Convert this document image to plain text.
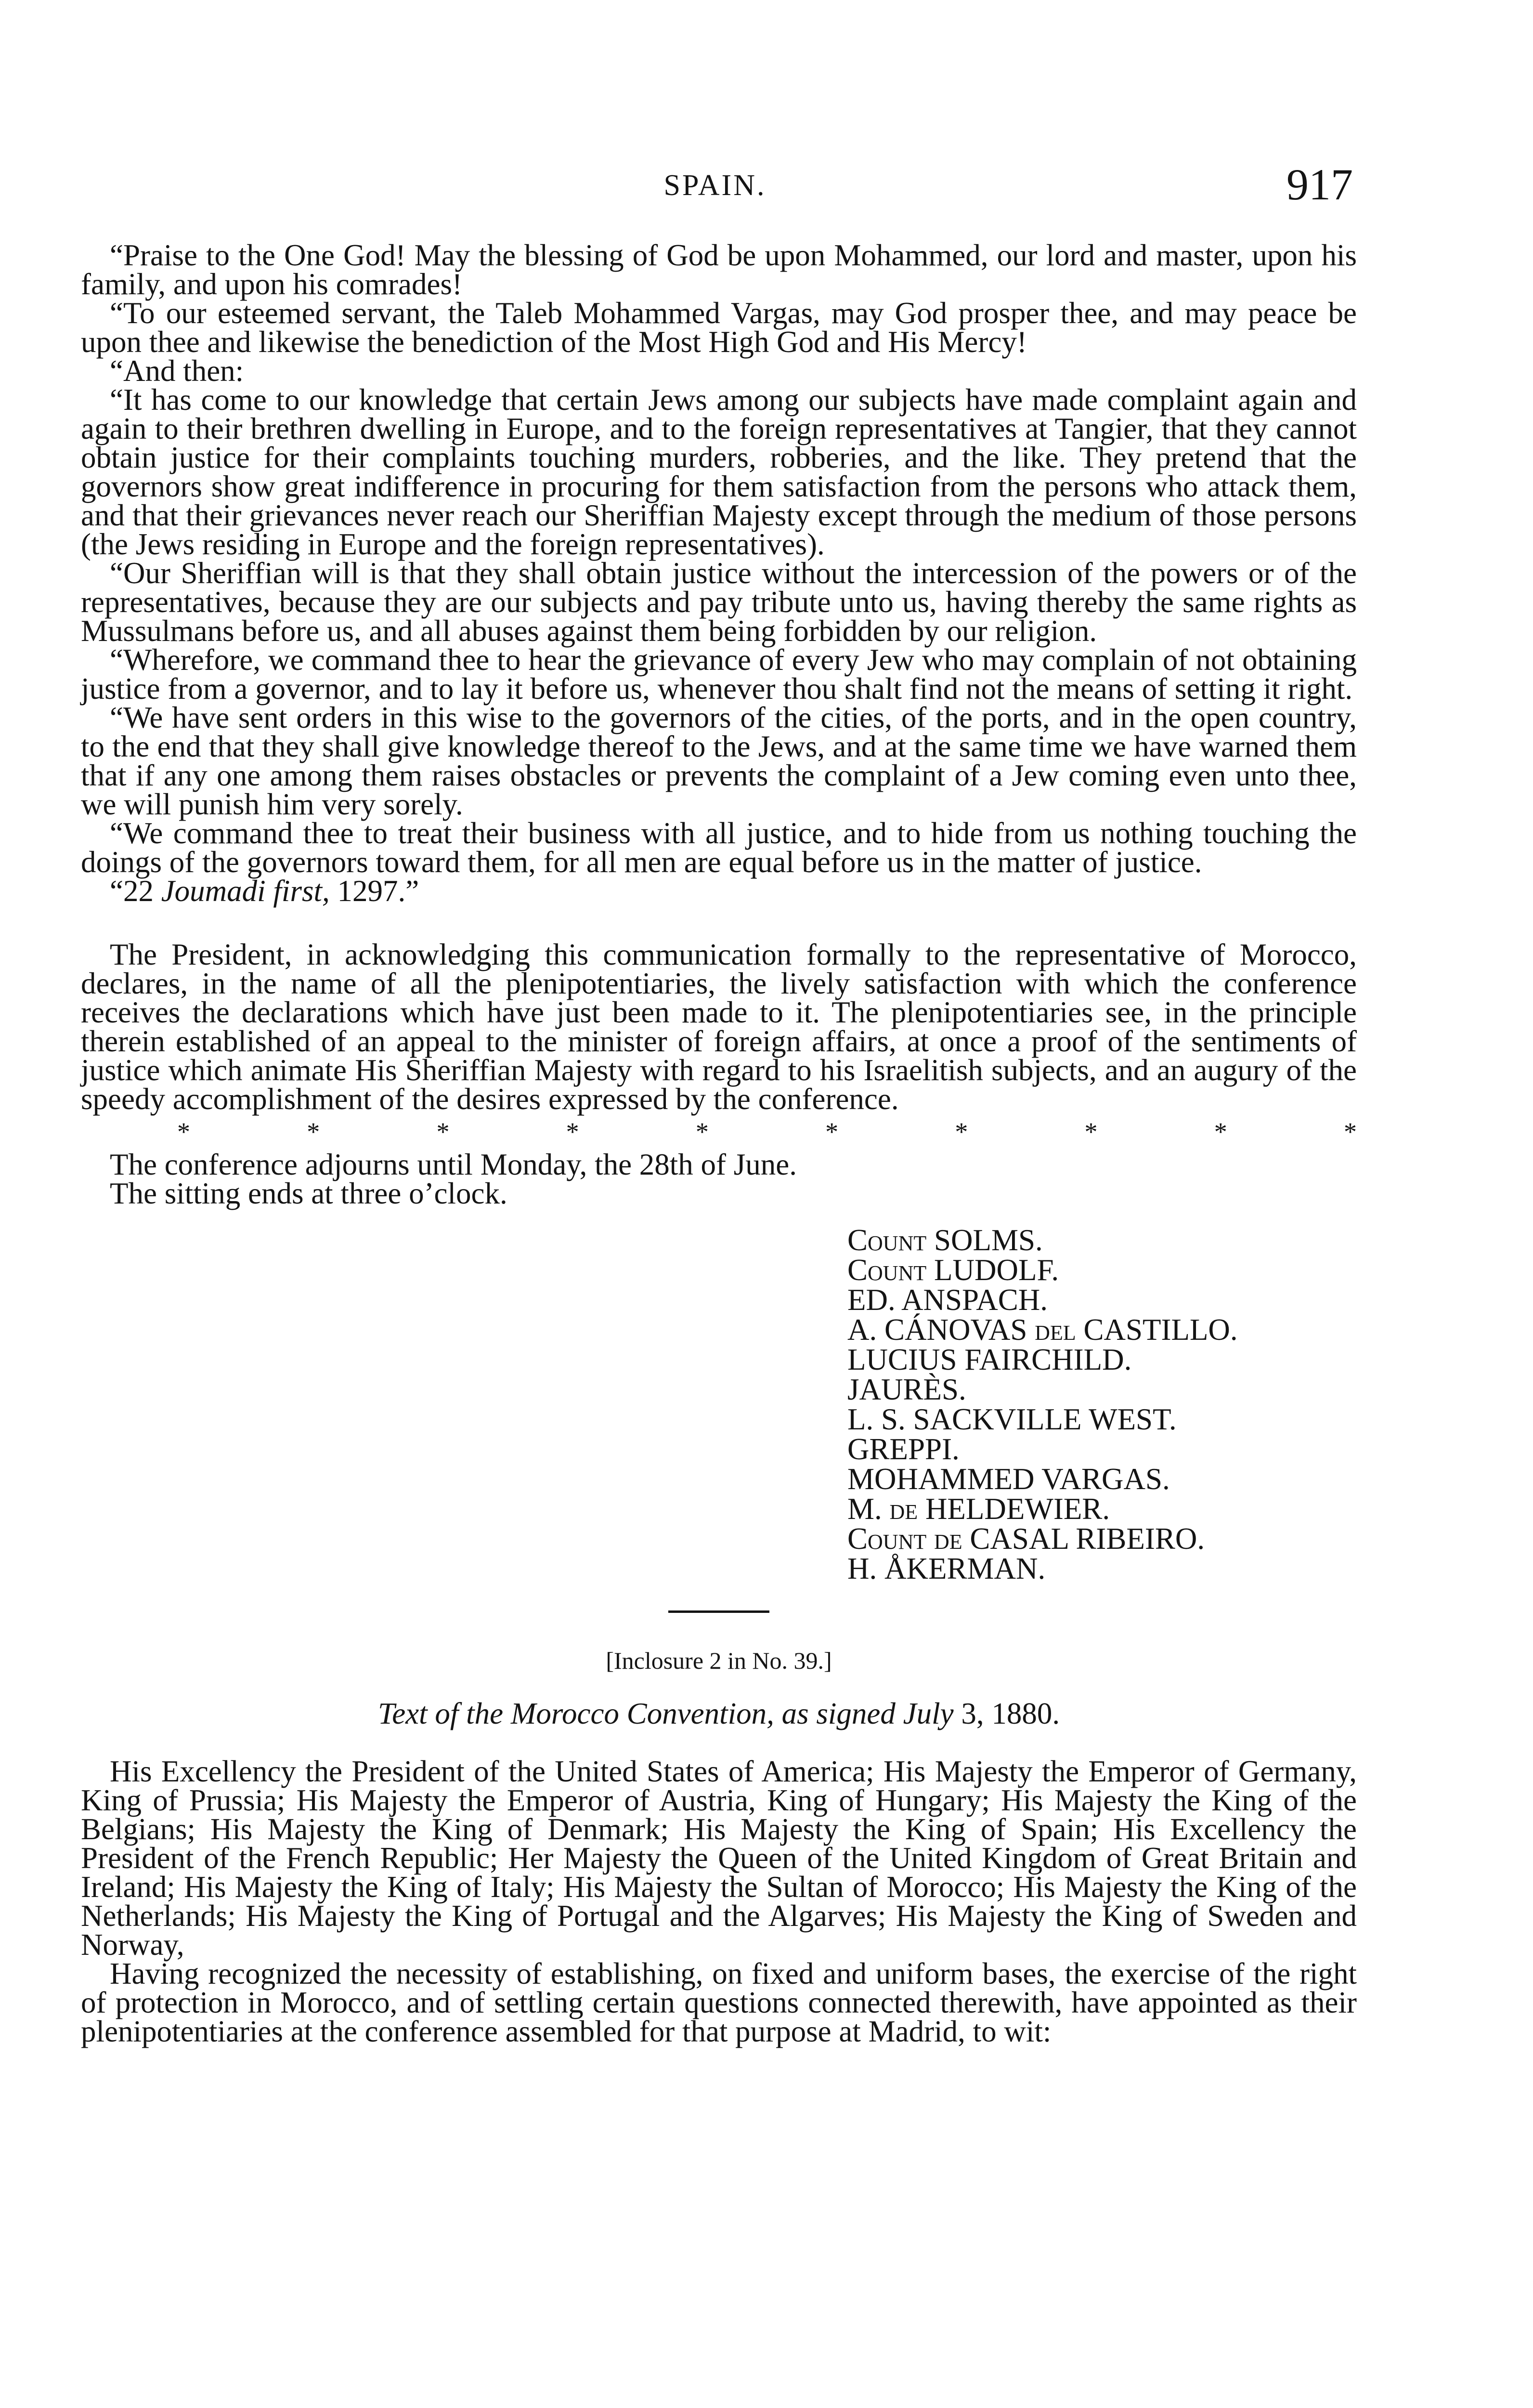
SPAIN.	917

“Praise to the One God! May the blessing of God be upon Mohammed, our lord and master, upon his family, and upon his comrades!

“To our esteemed servant, the Taleb Mohammed Vargas, may God prosper thee, and may peace be upon thee and likewise the benediction of the Most High God and His Mercy!

“And then:

“It has come to our knowledge that certain Jews among our subjects have made complaint again and again to their brethren dwelling in Europe, and to the foreign representatives at Tangier, that they cannot obtain justice for their complaints touching murders, robberies, and the like. They pretend that the governors show great indifference in procuring for them satisfaction from the persons who attack them, and that their grievances never reach our Sheriffian Majesty except through the medium of those persons (the Jews residing in Europe and the foreign representatives).

“Our Sheriffian will is that they shall obtain justice without the intercession of the powers or of the representatives, because they are our subjects and pay tribute unto us, having thereby the same rights as Mussulmans before us, and all abuses against them being forbidden by our religion.

“Wherefore, we command thee to hear the grievance of every Jew who may complain of not obtaining justice from a governor, and to lay it before us, whenever thou shalt find not the means of setting it right.

“We have sent orders in this wise to the governors of the cities, of the ports, and in the open country, to the end that they shall give knowledge thereof to the Jews, and at the same time we have warned them that if any one among them raises obstacles or prevents the complaint of a Jew coming even unto thee, we will punish him very sorely.

“We command thee to treat their business with all justice, and to hide from us nothing touching the doings of the governors toward them, for all men are equal before us in the matter of justice.

“22 Joumadi first, 1297.”

The President, in acknowledging this communication formally to the representative of Morocco, declares, in the name of all the plenipotentiaries, the lively satisfaction with which the conference receives the declarations which have just been made to it. The plenipotentiaries see, in the principle therein established of an appeal to the minister of foreign affairs, at once a proof of the sentiments of justice which animate His Sheriffian Majesty with regard to his Israelitish subjects, and an augury of the speedy accomplishment of the desires expressed by the conference.

*	*	*	*	*	*	*	*	*	*

The conference adjourns until Monday, the 28th of June.

The sitting ends at three o’clock.

Count SOLMS.
Count LUDOLF.
ED. ANSPACH.
A. CÁNOVAS del CASTILLO.
LUCIUS FAIRCHILD.
JAURÈS.
L. S. SACKVILLE WEST.
GREPPI.
MOHAMMED VARGAS.
M. de HELDEWIER.
Count de CASAL RIBEIRO.
H. ÅKERMAN.
[Inclosure 2 in No. 39.]
Text of the Morocco Convention, as signed July 3, 1880.

His Excellency the President of the United States of America; His Majesty the Emperor of Germany, King of Prussia; His Majesty the Emperor of Austria, King of Hungary; His Majesty the King of the Belgians; His Majesty the King of Denmark; His Majesty the King of Spain; His Excellency the President of the French Republic; Her Majesty the Queen of the United Kingdom of Great Britain and Ireland; His Majesty the King of Italy; His Majesty the Sultan of Morocco; His Majesty the King of the Netherlands; His Majesty the King of Portugal and the Algarves; His Majesty the King of Sweden and Norway,

Having recognized the necessity of establishing, on fixed and uniform bases, the exercise of the right of protection in Morocco, and of settling certain questions connected therewith, have appointed as their plenipotentiaries at the conference assembled for that purpose at Madrid, to wit:
